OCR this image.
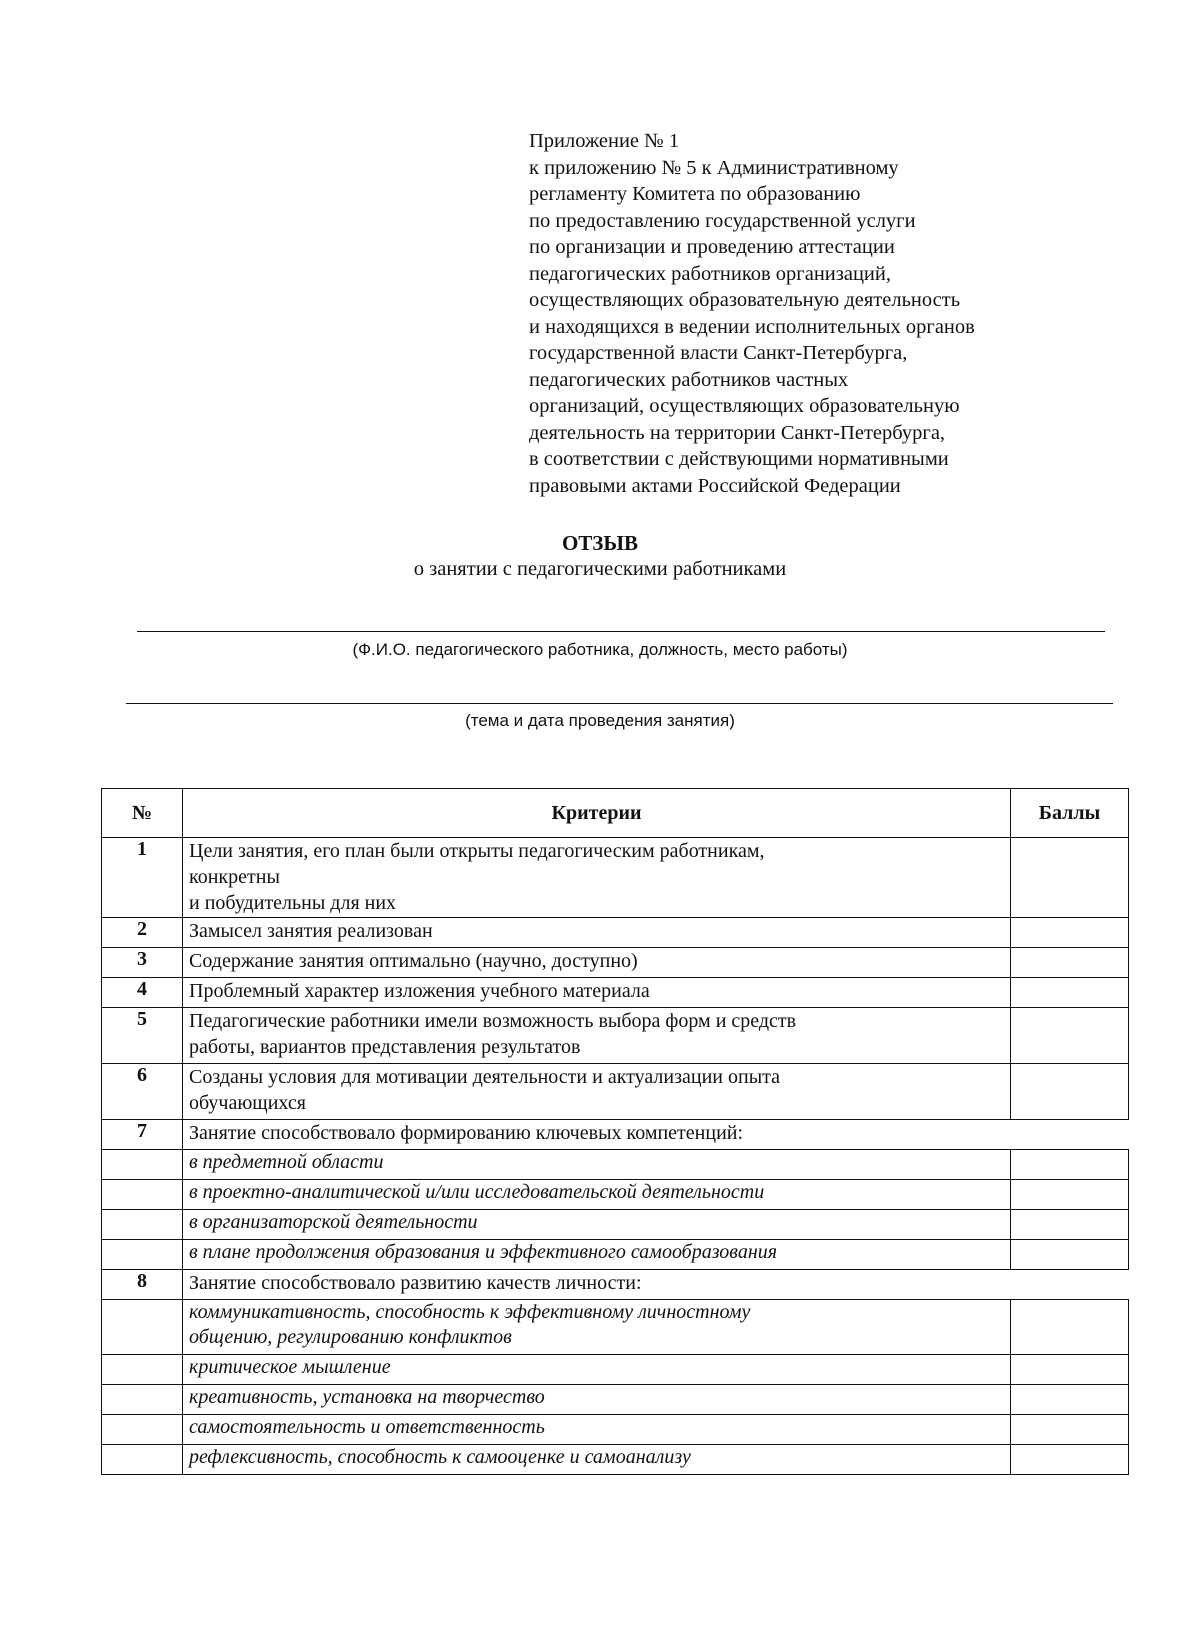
Приложение № 1
к приложению № 5 к Административному
регламенту Комитета по образованию
по предоставлению государственной услуги
по организации и проведению аттестации
педагогических работников организаций,
осуществляющих образовательную деятельность
и находящихся в ведении исполнительных органов
государственной власти Санкт-Петербурга,
педагогических работников частных
организаций, осуществляющих образовательную
деятельность на территории Санкт-Петербурга,
в соответствии с действующими нормативными
правовыми актами Российской Федерации
ОТЗЫВ
о занятии с педагогическими работниками
(Ф.И.О. педагогического работника, должность, место работы)
(тема и дата проведения занятия)
№	Критерии	Баллы
1	Цели занятия, его план были открыты педагогическим работникам,
конкретны
и побудительны для них	

2	Замысел занятия реализован	
3	Содержание занятия оптимально (научно, доступно)	
4	Проблемный характер изложения учебного материала	
5	Педагогические работники имели возможность выбора форм и средств
работы, вариантов представления результатов	

6	Созданы условия для мотивации деятельности и актуализации опыта
обучающихся	

7	Занятие способствовало формированию ключевых компетенций:	
	в предметной области	
	в проектно-аналитической и/или исследовательской деятельности	
	в организаторской деятельности	
	в плане продолжения образования и эффективного самообразования	
8	Занятие способствовало развитию качеств личности:	

	коммуникативность, способность к эффективному личностному
общению, регулированию конфликтов	

	критическое мышление	
	креативность, установка на творчество	
	самостоятельность и ответственность	
	рефлексивность, способность к самооценке и самоанализу	
